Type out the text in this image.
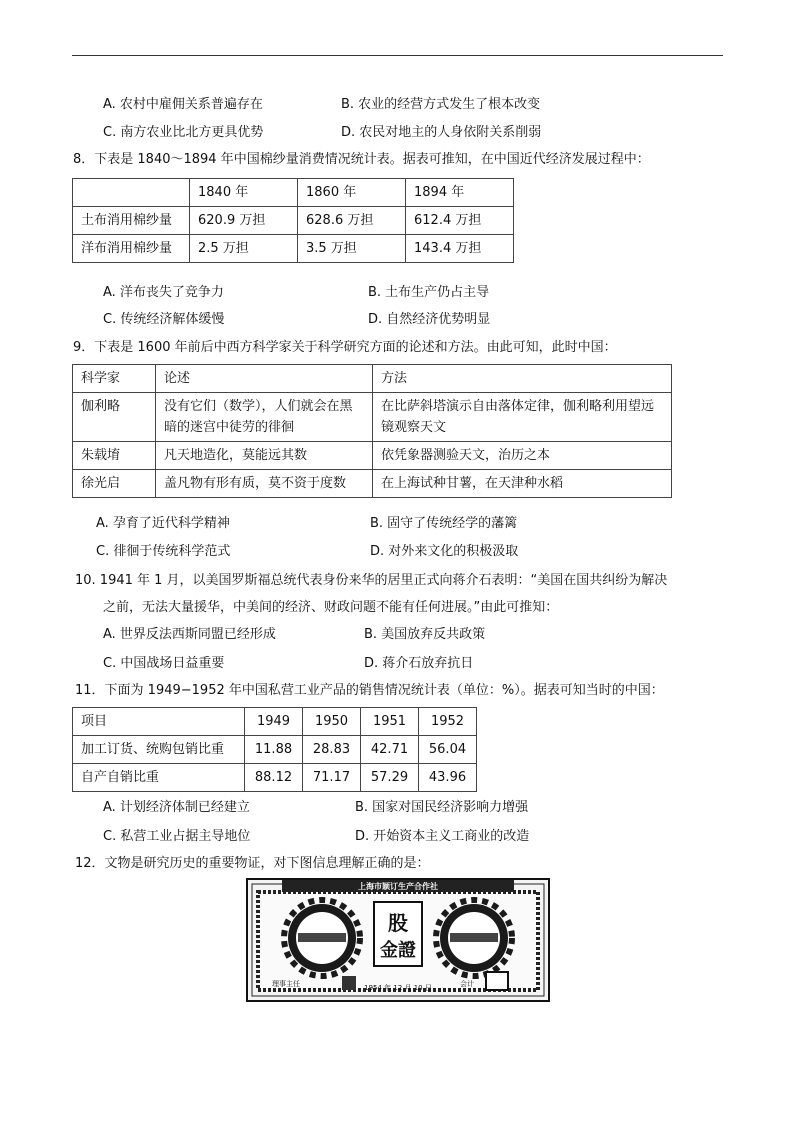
A. 农村中雇佣关系普遍存在	B. 农业的经营方式发生了根本改变
C. 南方农业比北方更具优势	D. 农民对地主的人身依附关系削弱
8．下表是 1840～1894 年中国棉纱量消费情况统计表。据表可推知，在中国近代经济发展过程中：
	1840 年	1860 年	1894 年
土布消用棉纱量	620.9 万担	628.6 万担	612.4 万担
洋布消用棉纱量	2.5 万担	3.5 万担	143.4 万担
A. 洋布丧失了竞争力	B. 土布生产仍占主导
C. 传统经济解体缓慢	D. 自然经济优势明显
9．下表是 1600 年前后中西方科学家关于科学研究方面的论述和方法。由此可知，此时中国：
科学家	论述	方法
伽利略	没有它们（数学），人们就会在黑暗的迷宫中徒劳的徘徊	在比萨斜塔演示自由落体定律，伽利略利用望远镜观察天文
朱载堉	凡天地造化，莫能远其数	依凭象器测验天文，治历之本
徐光启	盖凡物有形有质，莫不资于度数	在上海试种甘薯，在天津种水稻
A. 孕育了近代科学精神	B. 固守了传统经学的藩篱
C. 徘徊于传统科学范式	D. 对外来文化的积极汲取
10. 1941 年 1 月，以美国罗斯福总统代表身份来华的居里正式向蒋介石表明：“美国在国共纠纷为解决
之前，无法大量援华，中美间的经济、财政问题不能有任何进展。”由此可推知：
A. 世界反法西斯同盟已经形成	B. 美国放弃反共政策
C. 中国战场日益重要	D. 蒋介石放弃抗日
11．下面为 1949−1952 年中国私营工业产品的销售情况统计表（单位：%）。据表可知当时的中国：
项目	1949	1950	1951	1952
加工订货、统购包销比重	11.88	28.83	42.71	56.04
自产自销比重	88.12	71.17	57.29	43.96
A. 计划经济体制已经建立	B. 国家对国民经济影响力增强
C. 私营工业占据主导地位	D. 开始资本主义工商业的改造
12．文物是研究历史的重要物证，对下图信息理解正确的是：
上海市颖订生产合作社
股
金證
理事主任	1954 年 12 月 10 日	会计
